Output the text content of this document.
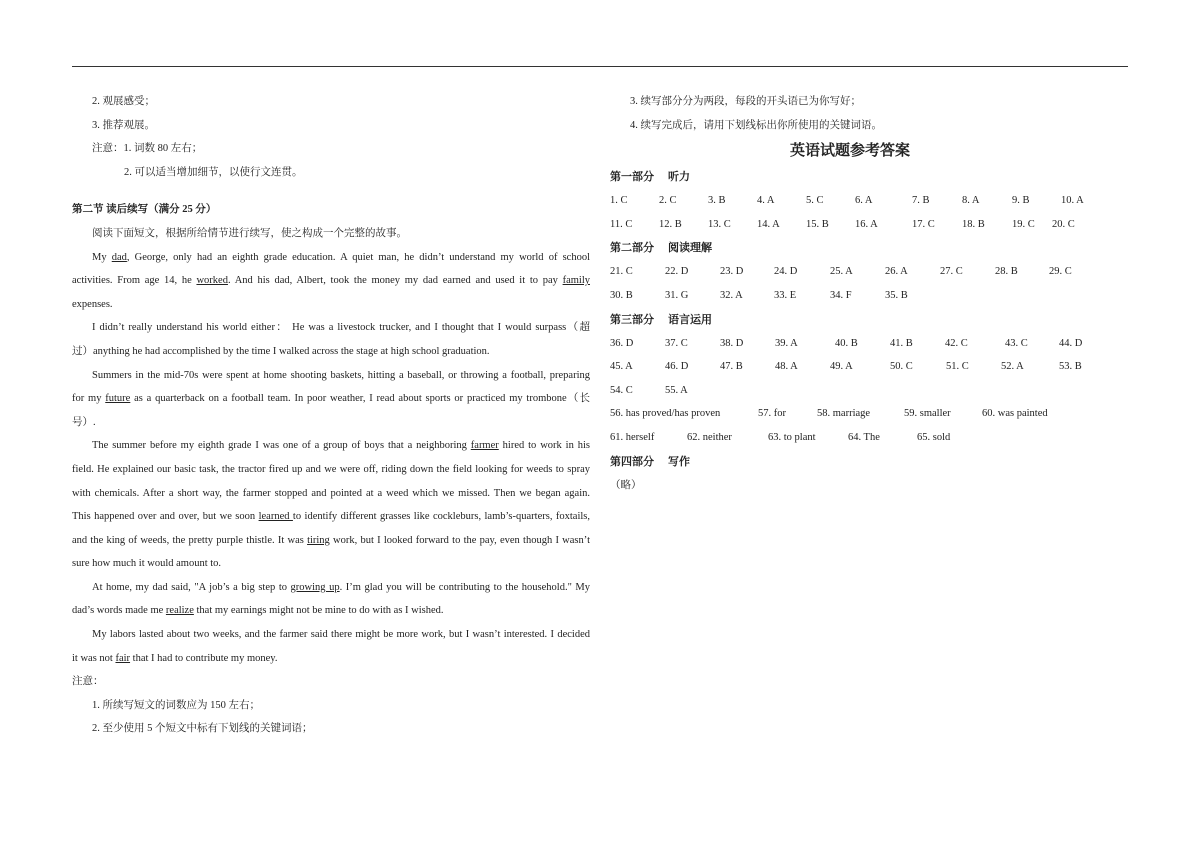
2. 观展感受；
3. 推荐观展。
注意：1. 词数 80 左右；
2. 可以适当增加细节，以使行文连贯。
第二节 读后续写（满分 25 分）
阅读下面短文，根据所给情节进行续写，使之构成一个完整的故事。
My dad, George, only had an eighth grade education. A quiet man, he didn’t understand my world of school
activities. From age 14, he worked. And his dad, Albert, took the money my dad earned and used it to pay family
expenses.
I didn’t really understand his world either： He was a livestock trucker, and I thought that I would surpass（超
过）anything he had accomplished by the time I walked across the stage at high school graduation.
Summers in the mid-70s were spent at home shooting baskets, hitting a baseball, or throwing a football, preparing
for my future as a quarterback on a football team. In poor weather, I read about sports or practiced my trombone（长
号）.
The summer before my eighth grade I was one of a group of boys that a neighboring farmer hired to work in his
field. He explained our basic task, the tractor fired up and we were off, riding down the field looking for weeds to spray
with chemicals. After a short way, the farmer stopped and pointed at a weed which we missed. Then we began again.
This happened over and over, but we soon learned to identify different grasses like cockleburs, lamb’s-quarters, foxtails,
and the king of weeds, the pretty purple thistle. It was tiring work, but I looked forward to the pay, even though I wasn’t
sure how much it would amount to.
At home, my dad said, "A job’s a big step to growing up. I’m glad you will be contributing to the household." My
dad’s words made me realize that my earnings might not be mine to do with as I wished.
My labors lasted about two weeks, and the farmer said there might be more work, but I wasn’t interested. I decided
it was not fair that I had to contribute my money.
注意：
1. 所续写短文的词数应为 150 左右；
2. 至少使用 5 个短文中标有下划线的关键词语；
3. 续写部分分为两段，每段的开头语已为你写好；
4. 续写完成后，请用下划线标出你所使用的关键词语。
英语试题参考答案
第一部分 听力
1. C	2. C	3. B	4. A	5. C	6. A	7. B	8. A	9. B	10. A
11. C	12. B 13. C 14. A 15. B 16. A	17. C	18. B	19. C 20. C
第二部分 阅读理解
21. C	22. D	23. D	24. D	25. A	26. A	27. C	28. B	29. C
30. B	31. G	32. A	33. E	34. F	35. B
第三部分 语言运用
36. D	37. C	38. D	39. A	40. B	41. B	42. C	43. C	44. D
45. A	46. D	47. B	48. A	49. A	50. C	51. C	52. A	53. B
54. C	55. A
56. has proved/has proven	57. for	58. marriage	59. smaller	60. was painted
61. herself	62. neither	63. to plant	64. The	65. sold
第四部分 写作
（略）
